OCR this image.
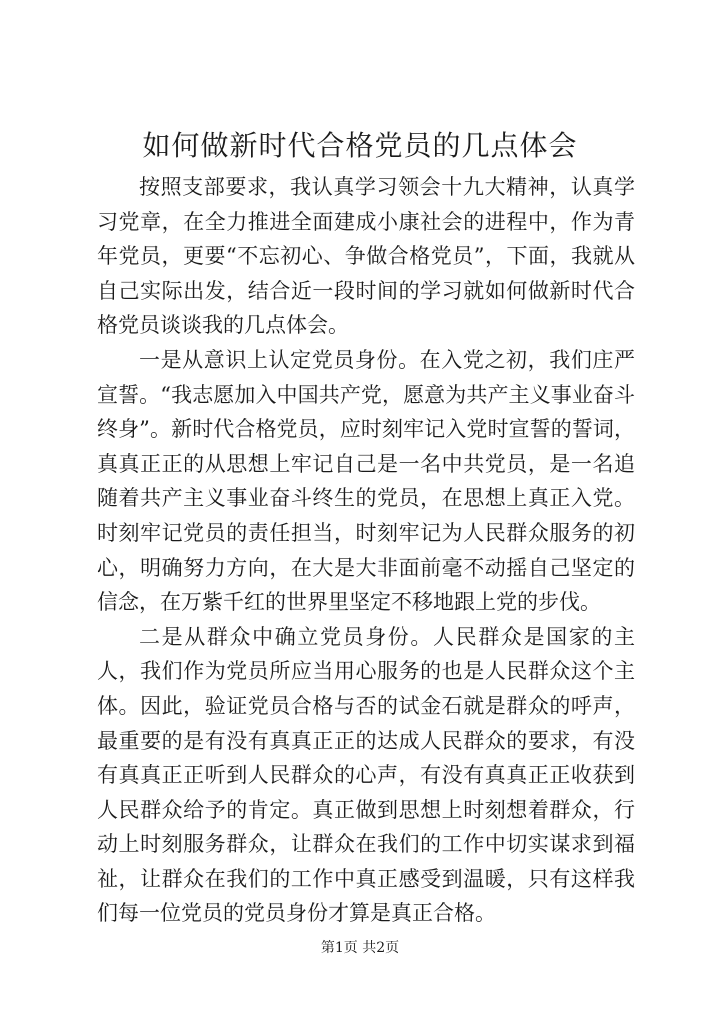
如何做新时代合格党员的几点体会

按照支部要求，我认真学习领会十九大精神，认真学习党章，在全力推进全面建成小康社会的进程中，作为青年党员，更要“不忘初心、争做合格党员”，下面，我就从自己实际出发，结合近一段时间的学习就如何做新时代合格党员谈谈我的几点体会。

一是从意识上认定党员身份。在入党之初，我们庄严宣誓。“我志愿加入中国共产党，愿意为共产主义事业奋斗终身”。新时代合格党员，应时刻牢记入党时宣誓的誓词，真真正正的从思想上牢记自己是一名中共党员，是一名追随着共产主义事业奋斗终生的党员，在思想上真正入党。时刻牢记党员的责任担当，时刻牢记为人民群众服务的初心，明确努力方向，在大是大非面前毫不动摇自己坚定的信念，在万紫千红的世界里坚定不移地跟上党的步伐。

二是从群众中确立党员身份。人民群众是国家的主人，我们作为党员所应当用心服务的也是人民群众这个主体。因此，验证党员合格与否的试金石就是群众的呼声，最重要的是有没有真真正正的达成人民群众的要求，有没有真真正正听到人民群众的心声，有没有真真正正收获到人民群众给予的肯定。真正做到思想上时刻想着群众，行动上时刻服务群众，让群众在我们的工作中切实谋求到福祉，让群众在我们的工作中真正感受到温暖，只有这样我们每一位党员的党员身份才算是真正合格。

第1页 共2页
